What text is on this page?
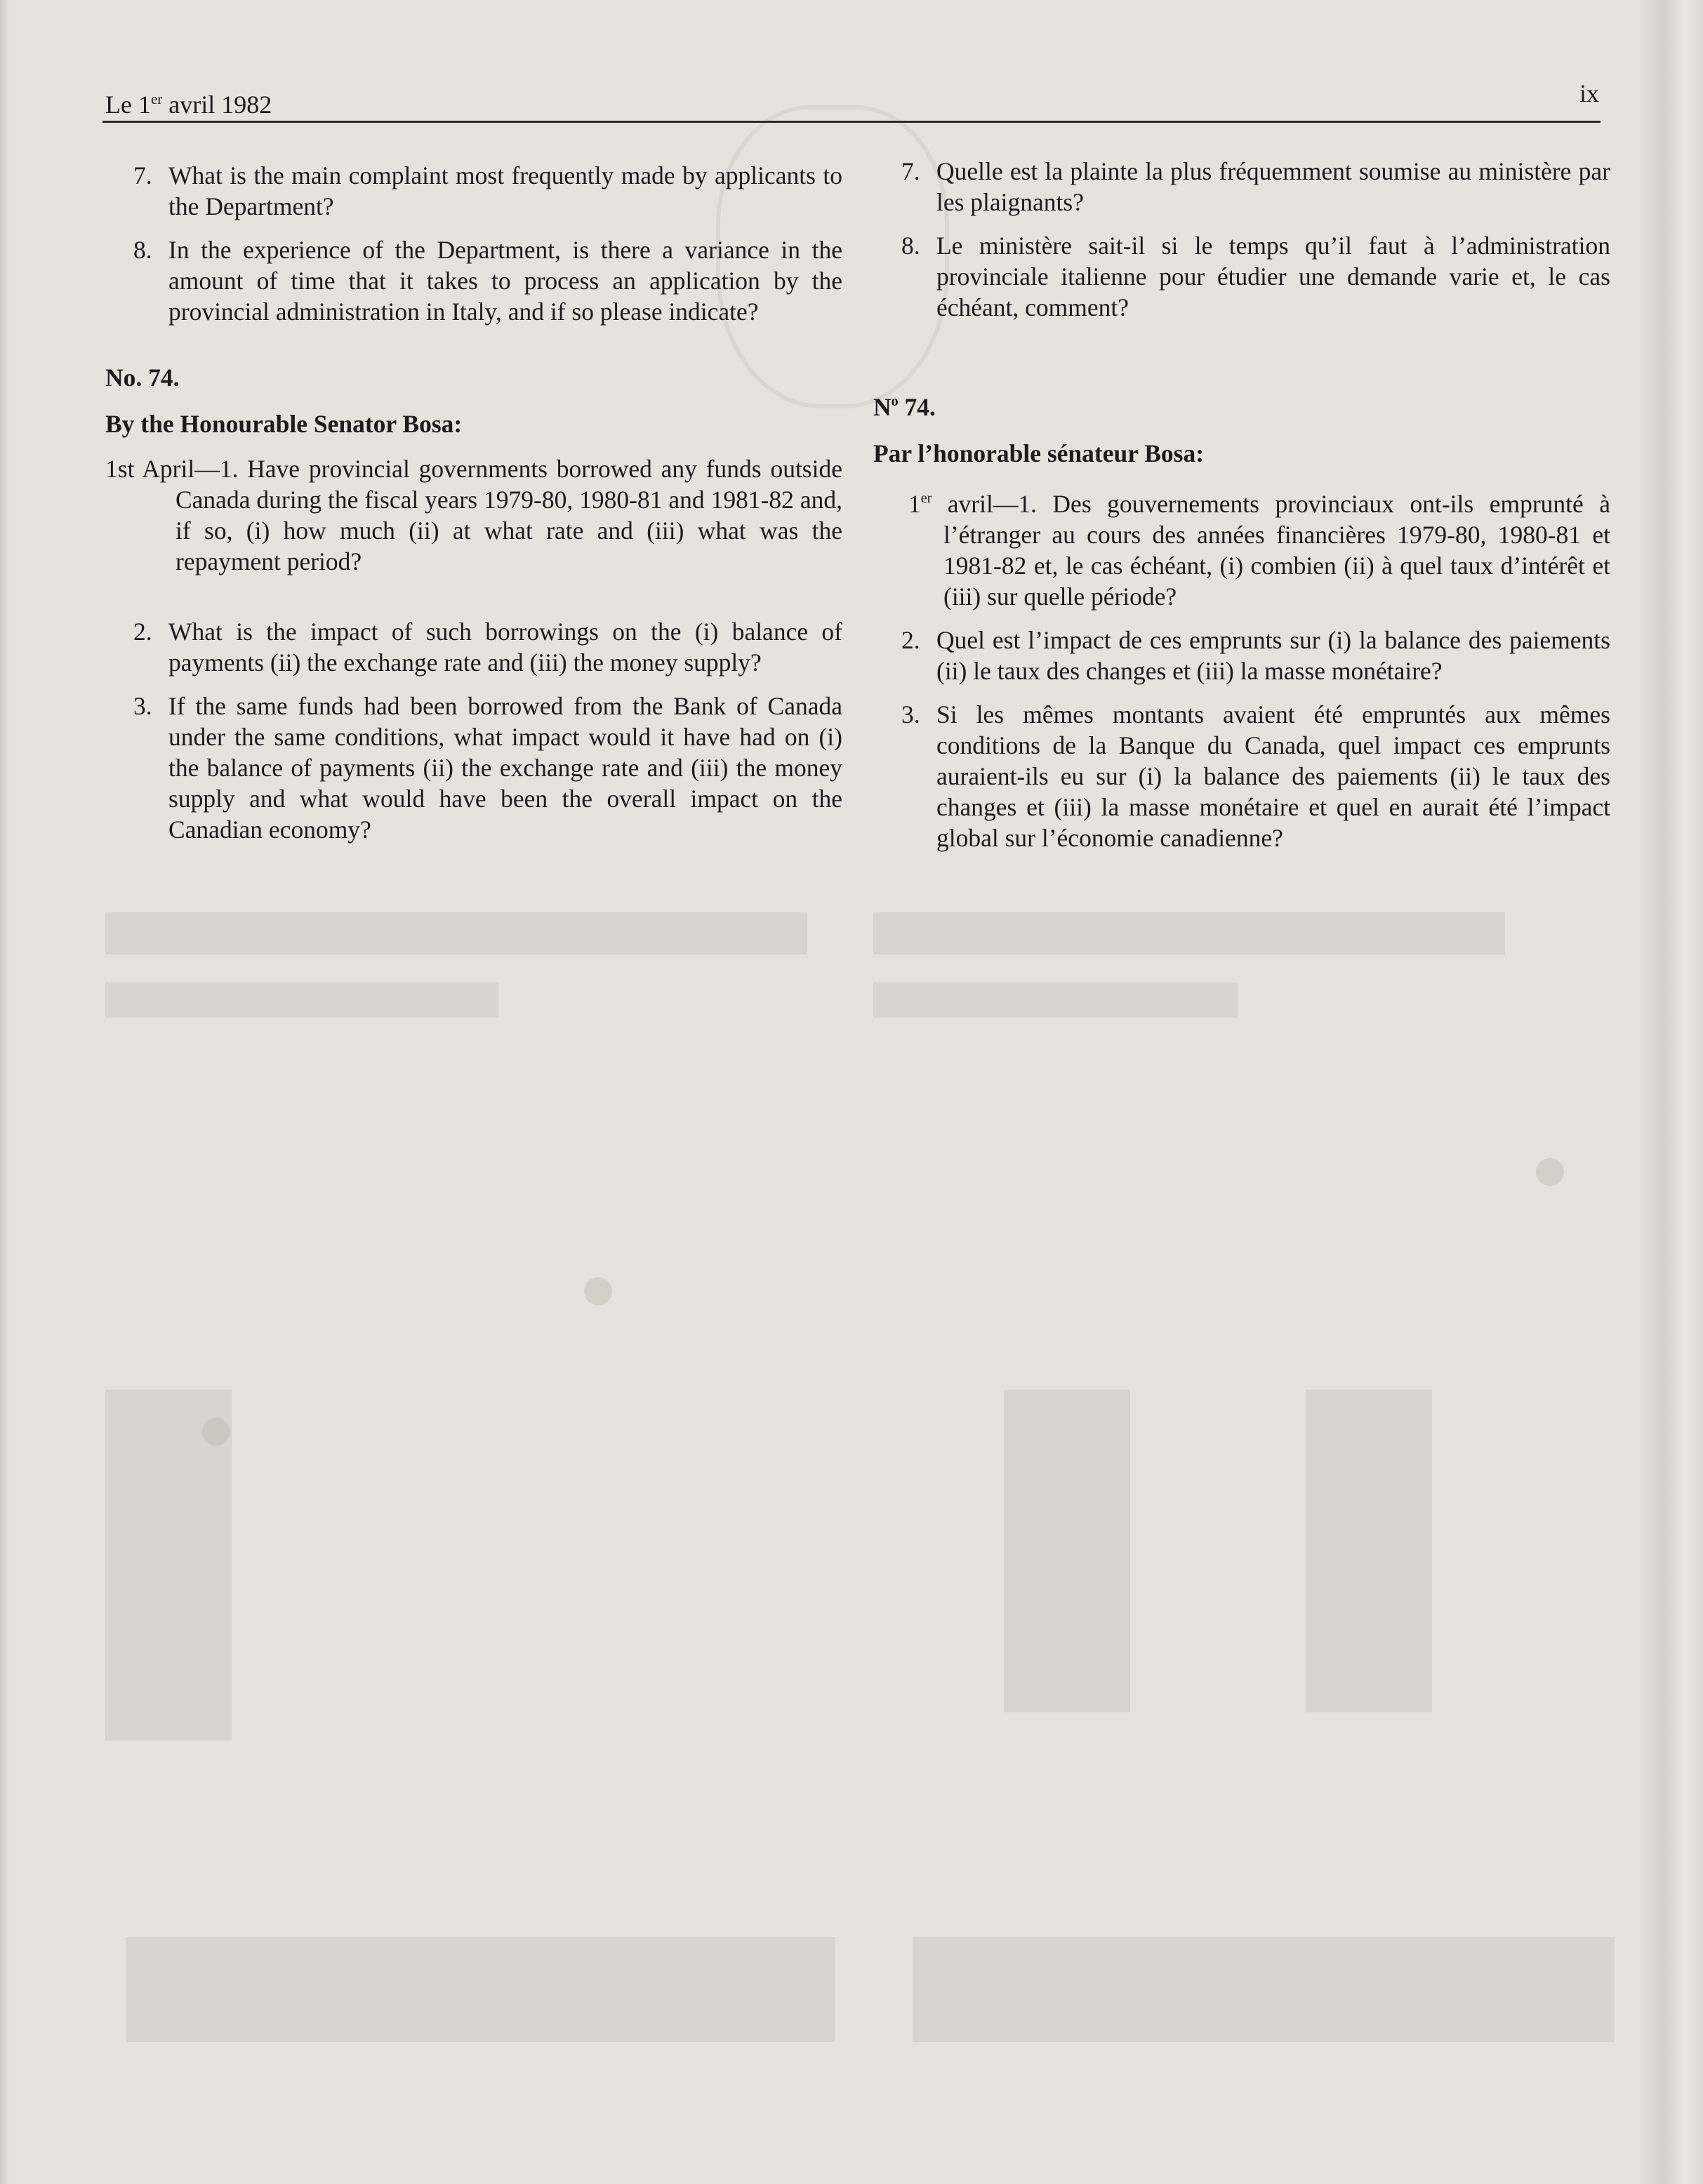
Le 1er avril 1982	ix

7. What is the main complaint most frequently made by applicants to the Department?

8. In the experience of the Department, is there a variance in the amount of time that it takes to process an application by the provincial administration in Italy, and if so please indicate?

No. 74.

By the Honourable Senator Bosa:

1st April—1. Have provincial governments borrowed any funds outside Canada during the fiscal years 1979-80, 1980-81 and 1981-82 and, if so, (i) how much (ii) at what rate and (iii) what was the repayment period?

2. What is the impact of such borrowings on the (i) balance of payments (ii) the exchange rate and (iii) the money supply?

3. If the same funds had been borrowed from the Bank of Canada under the same conditions, what impact would it have had on (i) the balance of payments (ii) the exchange rate and (iii) the money supply and what would have been the overall impact on the Canadian economy?

7. Quelle est la plainte la plus fréquemment soumise au ministère par les plaignants?

8. Le ministère sait-il si le temps qu’il faut à l’administration provinciale italienne pour étudier une demande varie et, le cas échéant, comment?

$N^o$ 74.

Par l’honorable sénateur Bosa:

1er avril—1. Des gouvernements provinciaux ont-ils emprunté à l’étranger au cours des années financières 1979-80, 1980-81 et 1981-82 et, le cas échéant, (i) combien (ii) à quel taux d’intérêt et (iii) sur quelle période?

2. Quel est l’impact de ces emprunts sur (i) la balance des paiements (ii) le taux des changes et (iii) la masse monétaire?

3. Si les mêmes montants avaient été empruntés aux mêmes conditions de la Banque du Canada, quel impact ces emprunts auraient-ils eu sur (i) la balance des paiements (ii) le taux des changes et (iii) la masse monétaire et quel en aurait été l’impact global sur l’économie canadienne?
